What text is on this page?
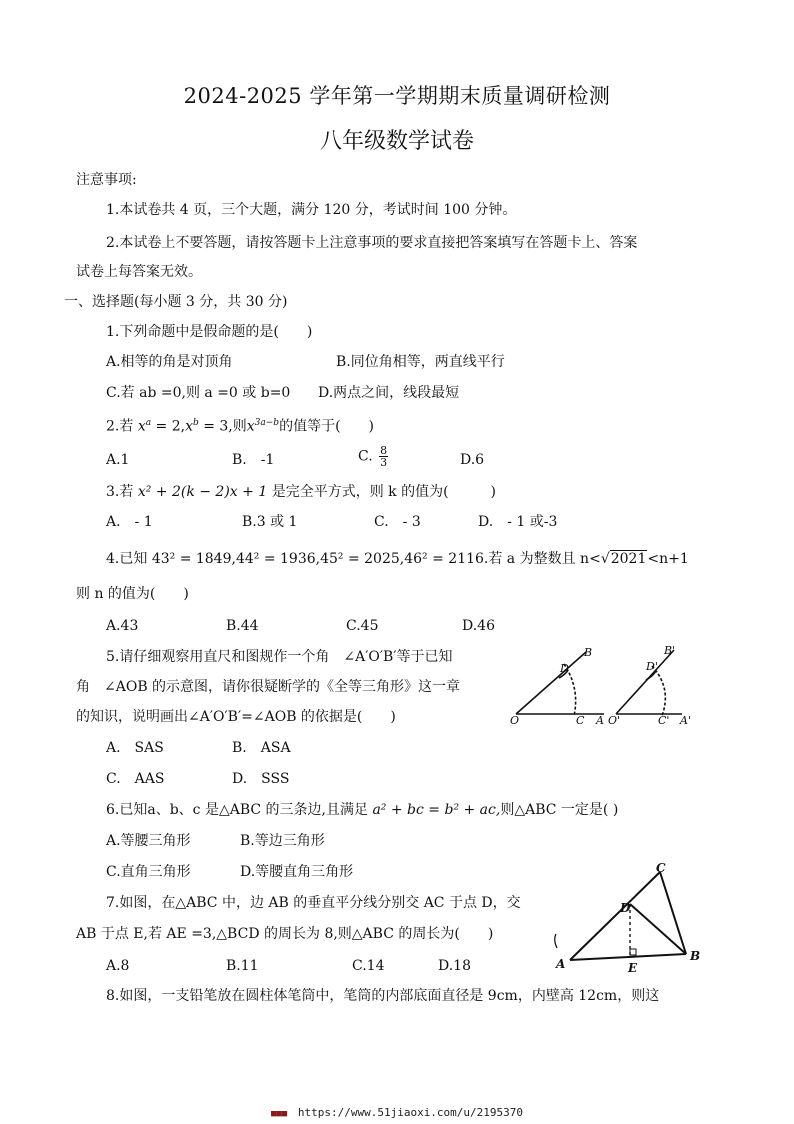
2024-2025 学年第一学期期末质量调研检测
八年级数学试卷
注意事项:
1.本试卷共 4 页，三个大题，满分 120 分，考试时间 100 分钟。
2.本试卷上不要答题，请按答题卡上注意事项的要求直接把答案填写在答题卡上、答案
试卷上每答案无效。
一、选择题(每小题 3 分，共 30 分)
1.下列命题中是假命题的是(　　)
A.相等的角是对顶角	B.同位角相等，两直线平行
C.若 ab =0,则 a =0 或 b=0 D.两点之间，线段最短
2.若 $x^a = 2,x^b = 3$,则$x^{3a-b}$的值等于(　　)
A.1	B.　-1	C. $\frac{8}{3}$	D.6
3.若 x² + 2(k − 2)x + 1 是完全平方式，则 k 的值为(　　　)
A.　- 1	B.3 或 1	C.　- 3	D.　- 1 或-3
4.已知 43² = 1849,44² = 1936,45² = 2025,46² = 2116.若 a 为整数且 n<√2021<n+1
则 n 的值为(　　)
A.43	B.44	C.45	D.46
5.请仔细观察用直尺和图规作一个角　∠A′O′B′等于已知
角　∠AOB 的示意图，请你很疑断学的《全等三角形》这一章
的知识，说明画出∠A′O′B′=∠AOB 的依据是(　　)
A.　SAS	B.　ASA
C.　AAS	D.　SSS
B
D
O	C A
B'
D'
O'	C' A'
6.已知a、b、c 是△ABC 的三条边,且满足 a² + bc = b² + ac,则△ABC 一定是( )
A.等腰三角形	B.等边三角形
C.直角三角形	D.等腰直角三角形
7.如图，在△ABC 中，边 AB 的垂直平分线分别交 AC 于点 D，交
AB 于点 E,若 AE =3,△BCD 的周长为 8,则△ABC 的周长为(　　)
A.8	B.11	C.14	D.18
C
D
A	E
B
8.如图，一支铅笔放在圆柱体笔筒中，笔筒的内部底面直径是 9cm，内壁高 12cm，则这
■■■ https://www.51jiaoxi.com/u/2195370
